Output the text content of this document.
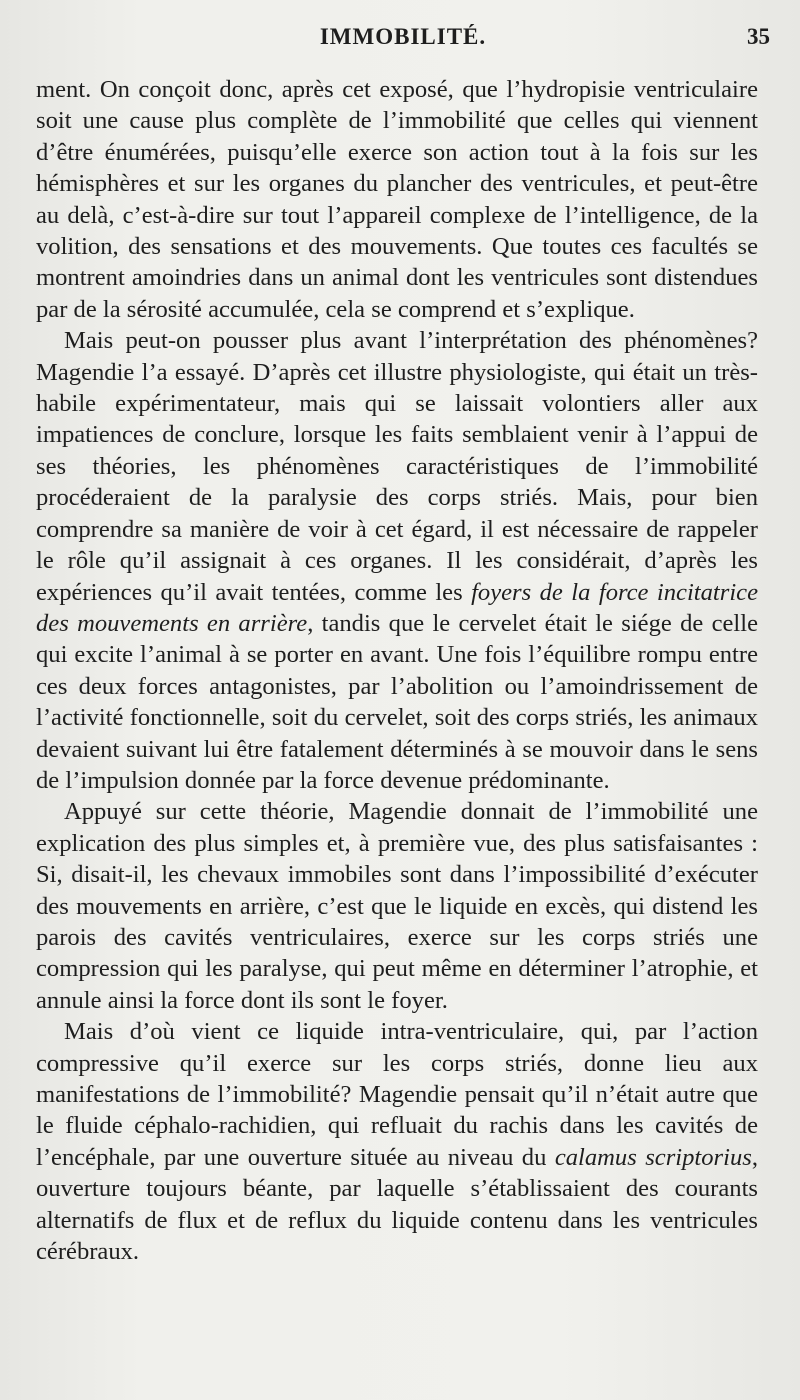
IMMOBILITÉ.	35

ment. On conçoit donc, après cet exposé, que l’hydropisie ventriculaire soit une cause plus complète de l’immobilité que celles qui viennent d’être énumérées, puisqu’elle exerce son action tout à la fois sur les hémisphères et sur les organes du plancher des ventricules, et peut-être au delà, c’est-à-dire sur tout l’appareil complexe de l’intelligence, de la volition, des sensations et des mouvements. Que toutes ces facultés se montrent amoindries dans un animal dont les ventricules sont distendues par de la sérosité accumulée, cela se comprend et s’explique.

Mais peut-on pousser plus avant l’interprétation des phénomènes? Magendie l’a essayé. D’après cet illustre physiologiste, qui était un très-habile expérimentateur, mais qui se laissait volontiers aller aux impatiences de conclure, lorsque les faits semblaient venir à l’appui de ses théories, les phénomènes caractéristiques de l’immobilité procéderaient de la paralysie des corps striés. Mais, pour bien comprendre sa manière de voir à cet égard, il est nécessaire de rappeler le rôle qu’il assignait à ces organes. Il les considérait, d’après les expériences qu’il avait tentées, comme les foyers de la force incitatrice des mouvements en arrière, tandis que le cervelet était le siége de celle qui excite l’animal à se porter en avant. Une fois l’équilibre rompu entre ces deux forces antagonistes, par l’abolition ou l’amoindrissement de l’activité fonctionnelle, soit du cervelet, soit des corps striés, les animaux devaient suivant lui être fatalement déterminés à se mouvoir dans le sens de l’impulsion donnée par la force devenue prédominante.

Appuyé sur cette théorie, Magendie donnait de l’immobilité une explication des plus simples et, à première vue, des plus satisfaisantes : Si, disait-il, les chevaux immobiles sont dans l’impossibilité d’exécuter des mouvements en arrière, c’est que le liquide en excès, qui distend les parois des cavités ventriculaires, exerce sur les corps striés une compression qui les paralyse, qui peut même en déterminer l’atrophie, et annule ainsi la force dont ils sont le foyer.

Mais d’où vient ce liquide intra-ventriculaire, qui, par l’action compressive qu’il exerce sur les corps striés, donne lieu aux manifestations de l’immobilité? Magendie pensait qu’il n’était autre que le fluide céphalo-rachidien, qui refluait du rachis dans les cavités de l’encéphale, par une ouverture située au niveau du calamus scriptorius, ouverture toujours béante, par laquelle s’établissaient des courants alternatifs de flux et de reflux du liquide contenu dans les ventricules cérébraux.
